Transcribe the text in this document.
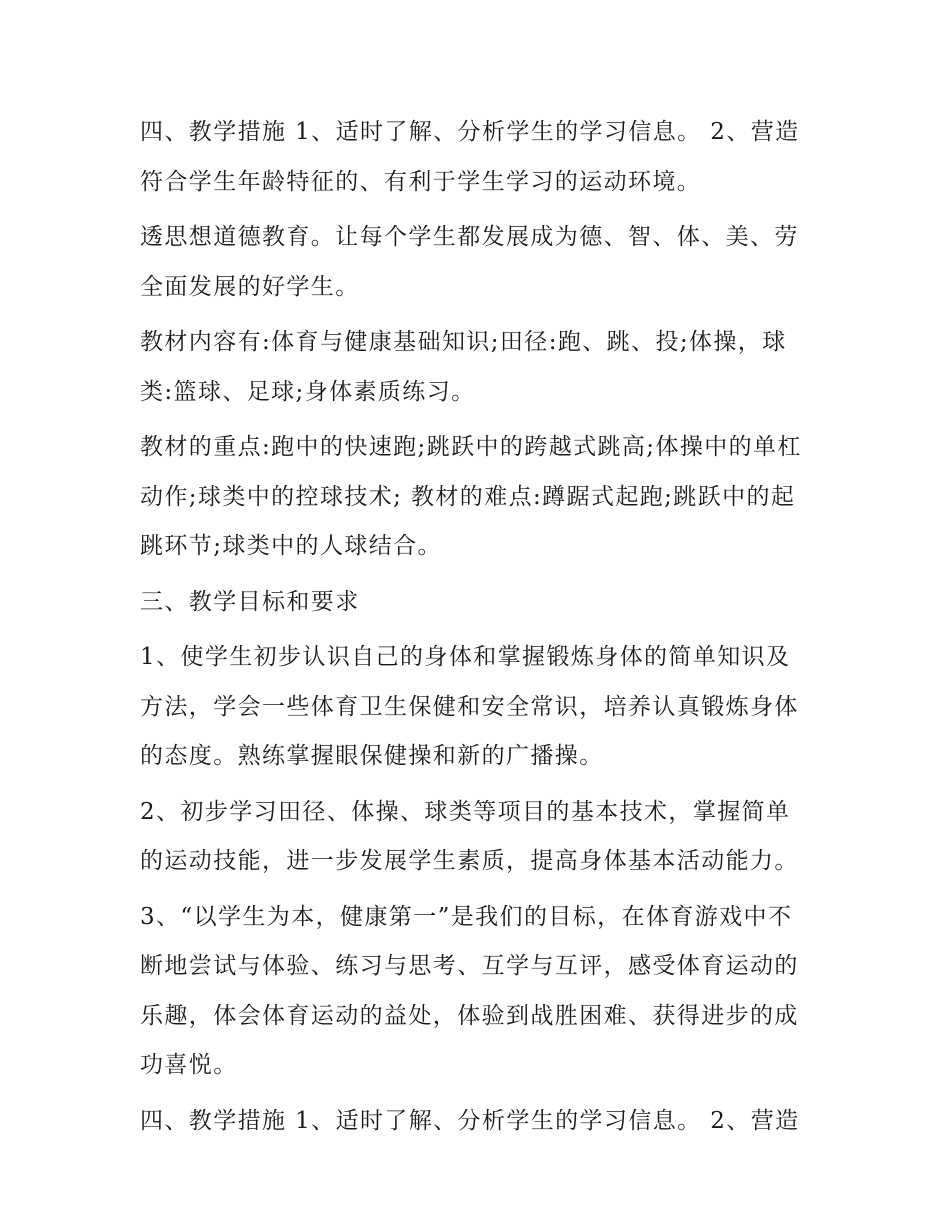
四、教学措施 1、适时了解、分析学生的学习信息。 2、营造
符合学生年龄特征的、有利于学生学习的运动环境。

透思想道德教育。让每个学生都发展成为德、智、体、美、劳
全面发展的好学生。

教材内容有:体育与健康基础知识;田径:跑、跳、投;体操，球
类:篮球、足球;身体素质练习。

教材的重点:跑中的快速跑;跳跃中的跨越式跳高;体操中的单杠
动作;球类中的控球技术; 教材的难点:蹲踞式起跑;跳跃中的起
跳环节;球类中的人球结合。

三、教学目标和要求

1、使学生初步认识自己的身体和掌握锻炼身体的简单知识及
方法，学会一些体育卫生保健和安全常识，培养认真锻炼身体
的态度。熟练掌握眼保健操和新的广播操。

2、初步学习田径、体操、球类等项目的基本技术，掌握简单
的运动技能，进一步发展学生素质，提高身体基本活动能力。

3、“以学生为本，健康第一”是我们的目标，在体育游戏中不
断地尝试与体验、练习与思考、互学与互评，感受体育运动的
乐趣，体会体育运动的益处，体验到战胜困难、获得进步的成
功喜悦。

四、教学措施 1、适时了解、分析学生的学习信息。 2、营造
